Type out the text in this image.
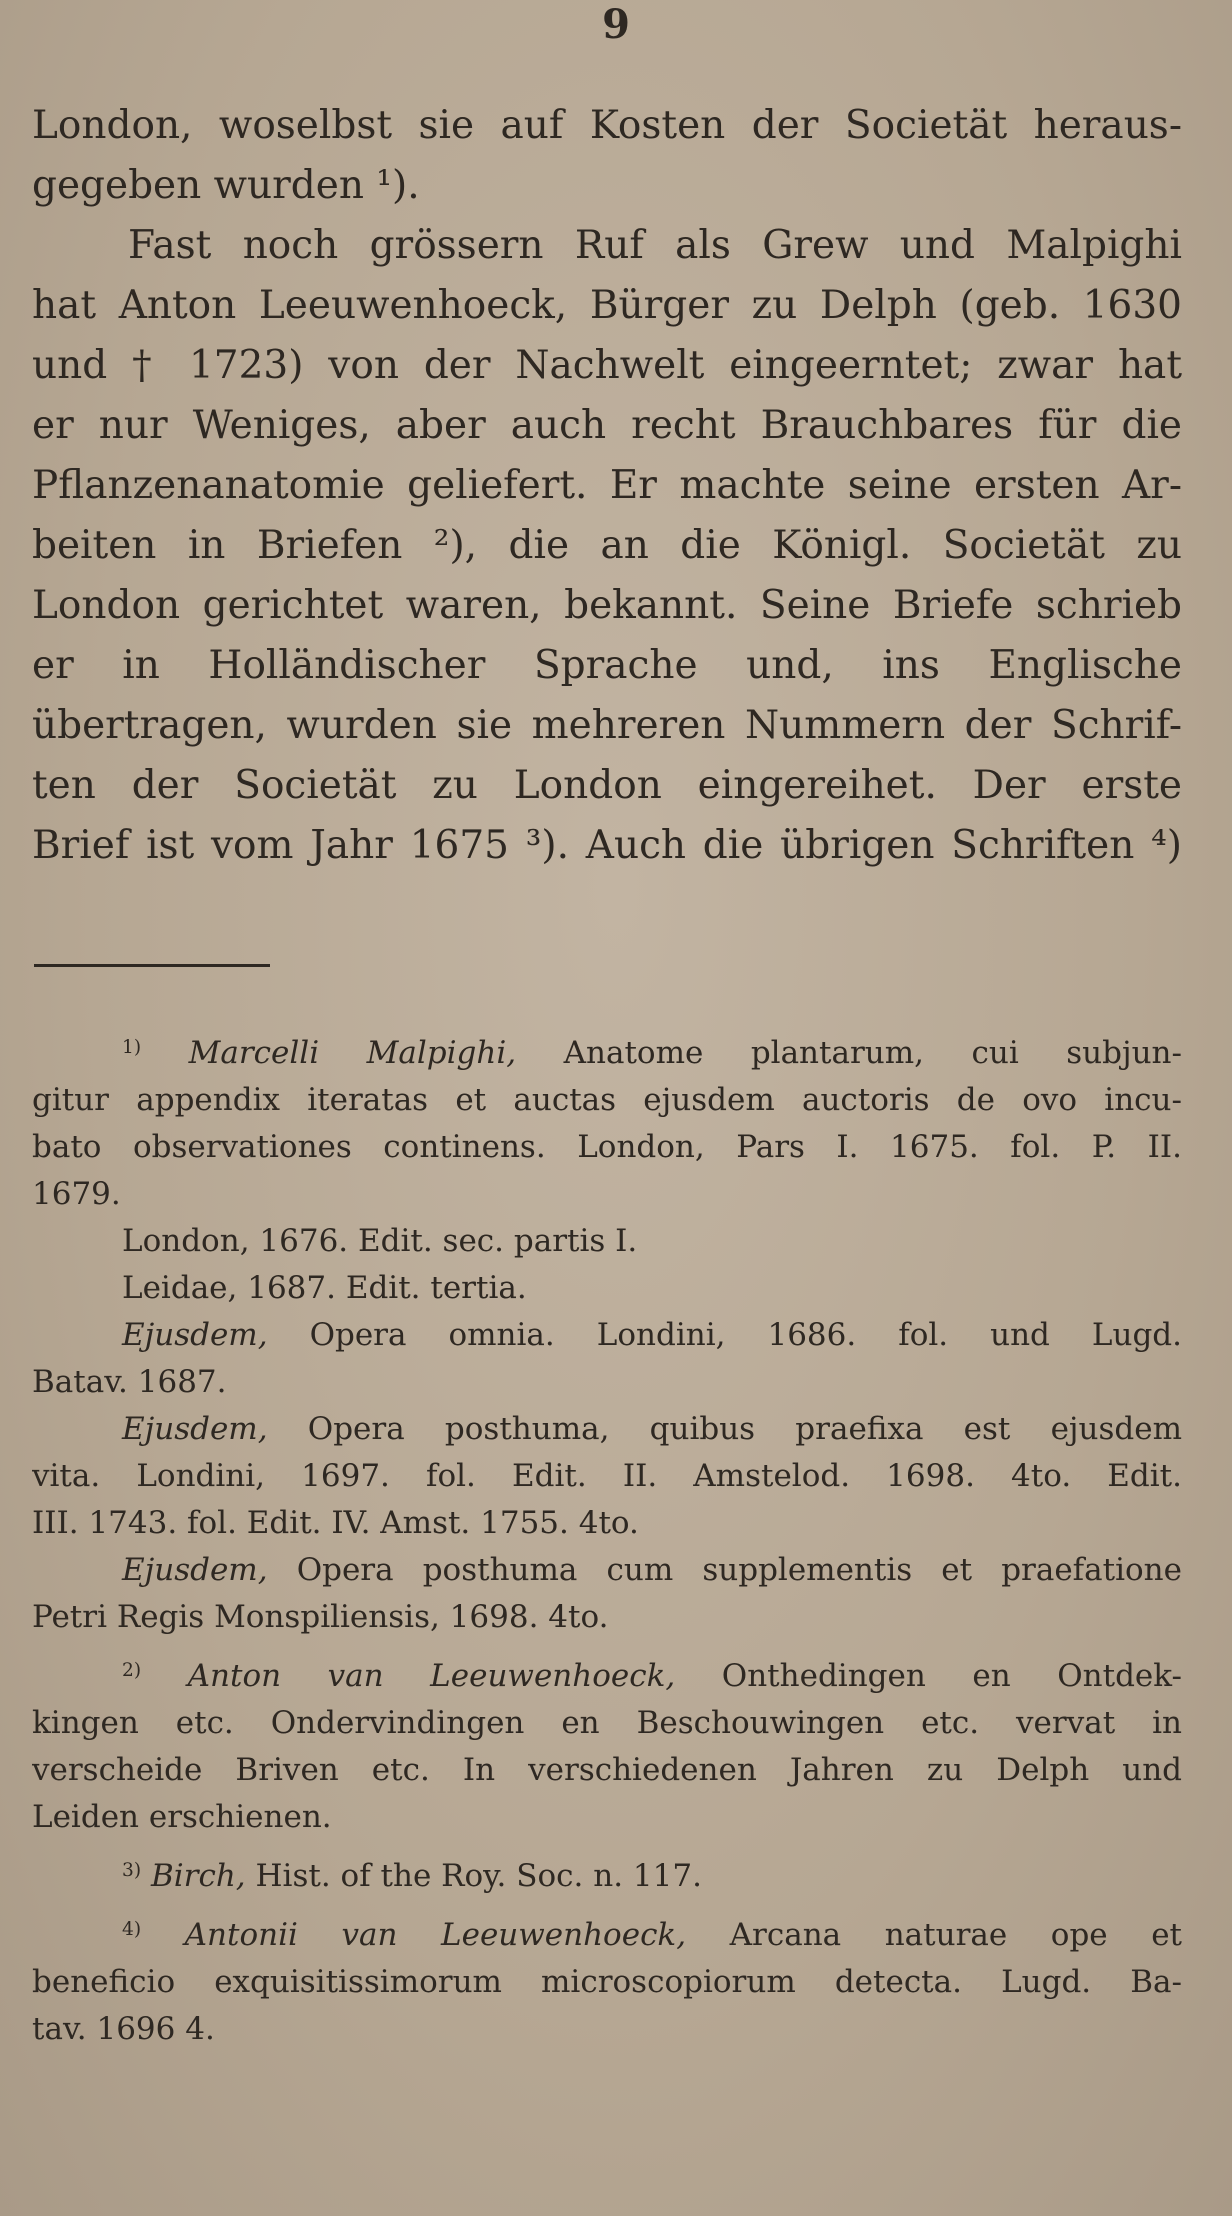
9
London, woselbst sie auf Kosten der Societät heraus-
gegeben wurden ¹).
Fast noch grössern Ruf als Grew und Malpighi
hat Anton Leeuwenhoeck, Bürger zu Delph (geb. 1630
und † 1723) von der Nachwelt eingeerntet; zwar hat
er nur Weniges, aber auch recht Brauchbares für die
Pflanzenanatomie geliefert. Er machte seine ersten Ar-
beiten in Briefen ²), die an die Königl. Societät zu
London gerichtet waren, bekannt. Seine Briefe schrieb
er in Holländischer Sprache und, ins Englische
übertragen, wurden sie mehreren Nummern der Schrif-
ten der Societät zu London eingereihet. Der erste
Brief ist vom Jahr 1675 ³). Auch die übrigen Schriften ⁴)
$^{1)}$ Marcelli Malpighi, Anatome plantarum, cui subjun-
gitur appendix iteratas et auctas ejusdem auctoris de ovo incu-
bato observationes continens. London, Pars I. 1675. fol. P. II.
1679.
London, 1676. Edit. sec. partis I.
Leidae, 1687. Edit. tertia.
Ejusdem, Opera omnia. Londini, 1686. fol. und Lugd.
Batav. 1687.
Ejusdem, Opera posthuma, quibus praefixa est ejusdem
vita. Londini, 1697. fol. Edit. II. Amstelod. 1698. 4to. Edit.
III. 1743. fol. Edit. IV. Amst. 1755. 4to.
Ejusdem, Opera posthuma cum supplementis et praefatione
Petri Regis Monspiliensis, 1698. 4to.
$^{2)}$ Anton van Leeuwenhoeck, Onthedingen en Ontdek-
kingen etc. Ondervindingen en Beschouwingen etc. vervat in
verscheide Briven etc. In verschiedenen Jahren zu Delph und
Leiden erschienen.
$^{3)}$ Birch, Hist. of the Roy. Soc. n. 117.
$^{4)}$ Antonii van Leeuwenhoeck, Arcana naturae ope et
beneficio exquisitissimorum microscopiorum detecta. Lugd. Ba-
tav. 1696 4.
